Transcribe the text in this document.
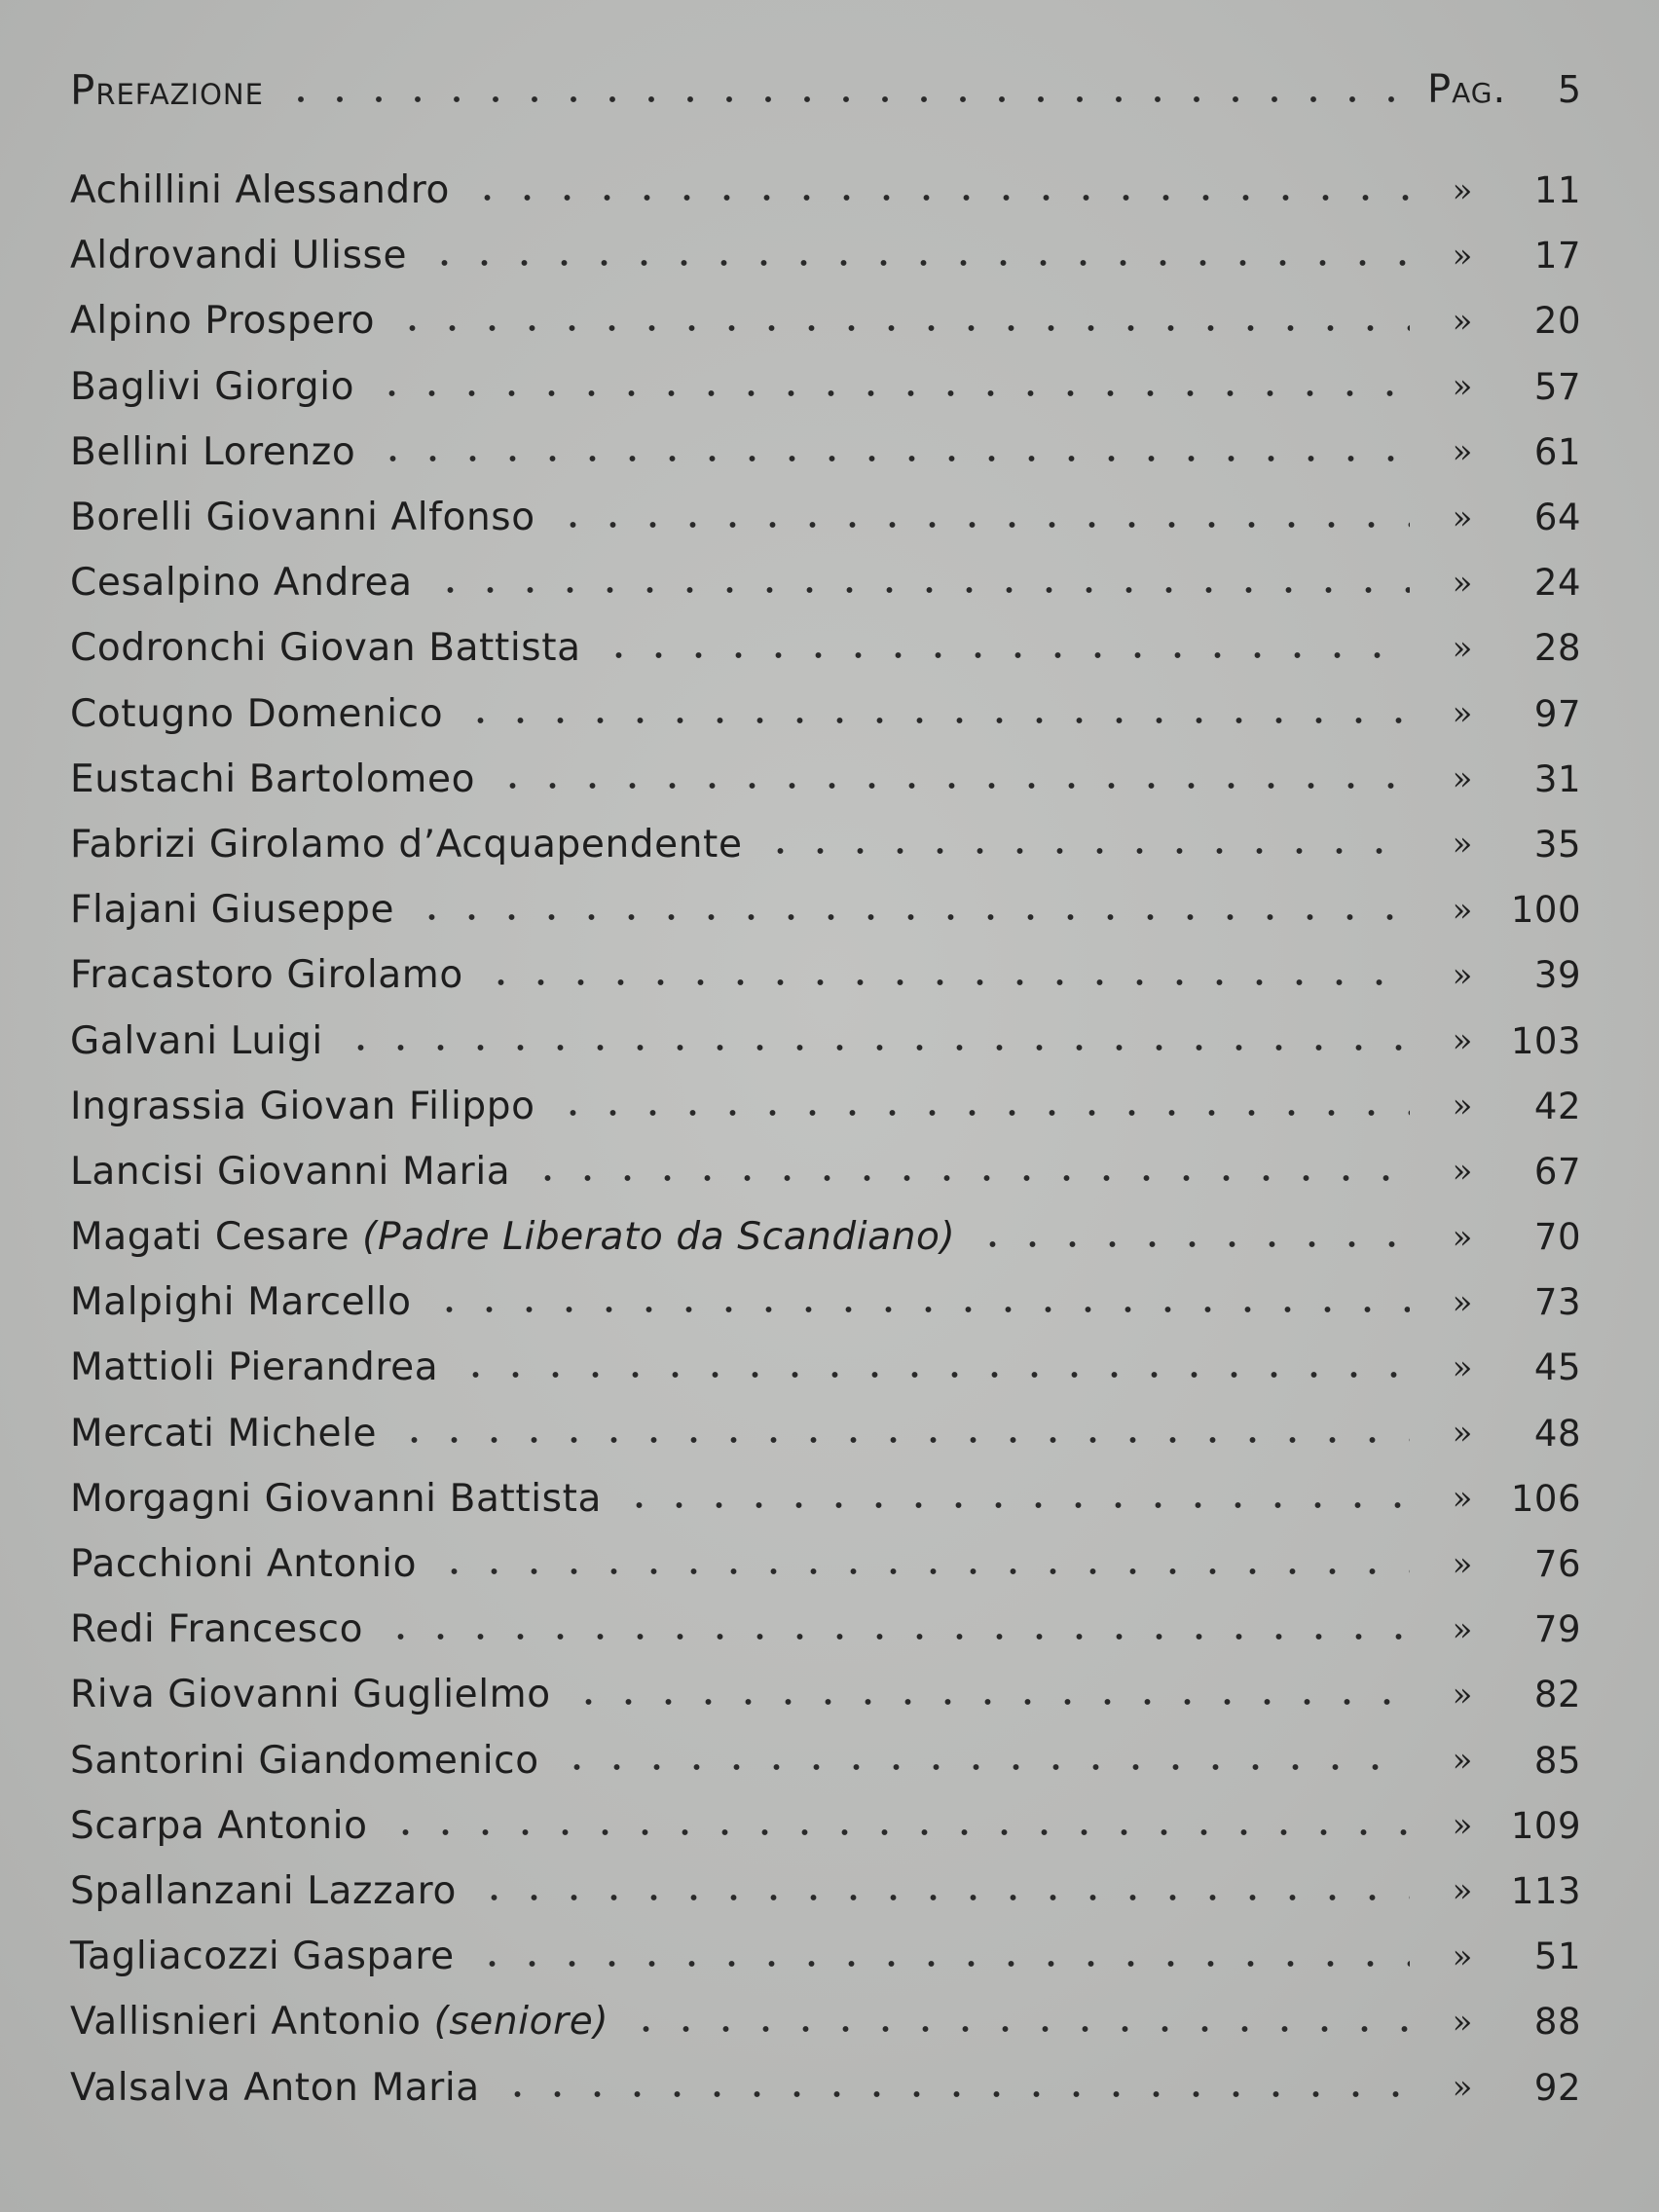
Prefazione	Pag.	5
Achillini Alessandro	»	11
Aldrovandi Ulisse	»	17
Alpino Prospero	»	20
Baglivi Giorgio	»	57
Bellini Lorenzo	»	61
Borelli Giovanni Alfonso	»	64
Cesalpino Andrea	»	24
Codronchi Giovan Battista	»	28
Cotugno Domenico	»	97
Eustachi Bartolomeo	»	31
Fabrizi Girolamo d’Acquapendente	»	35
Flajani Giuseppe	»	100
Fracastoro Girolamo	»	39
Galvani Luigi	»	103
Ingrassia Giovan Filippo	»	42
Lancisi Giovanni Maria	»	67
Magati Cesare (Padre Liberato da Scandiano)	»	70
Malpighi Marcello	»	73
Mattioli Pierandrea	»	45
Mercati Michele	»	48
Morgagni Giovanni Battista	»	106
Pacchioni Antonio	»	76
Redi Francesco	»	79
Riva Giovanni Guglielmo	»	82
Santorini Giandomenico	»	85
Scarpa Antonio	»	109
Spallanzani Lazzaro	»	113
Tagliacozzi Gaspare	»	51
Vallisnieri Antonio (seniore)	»	88
Valsalva Anton Maria	»	92
